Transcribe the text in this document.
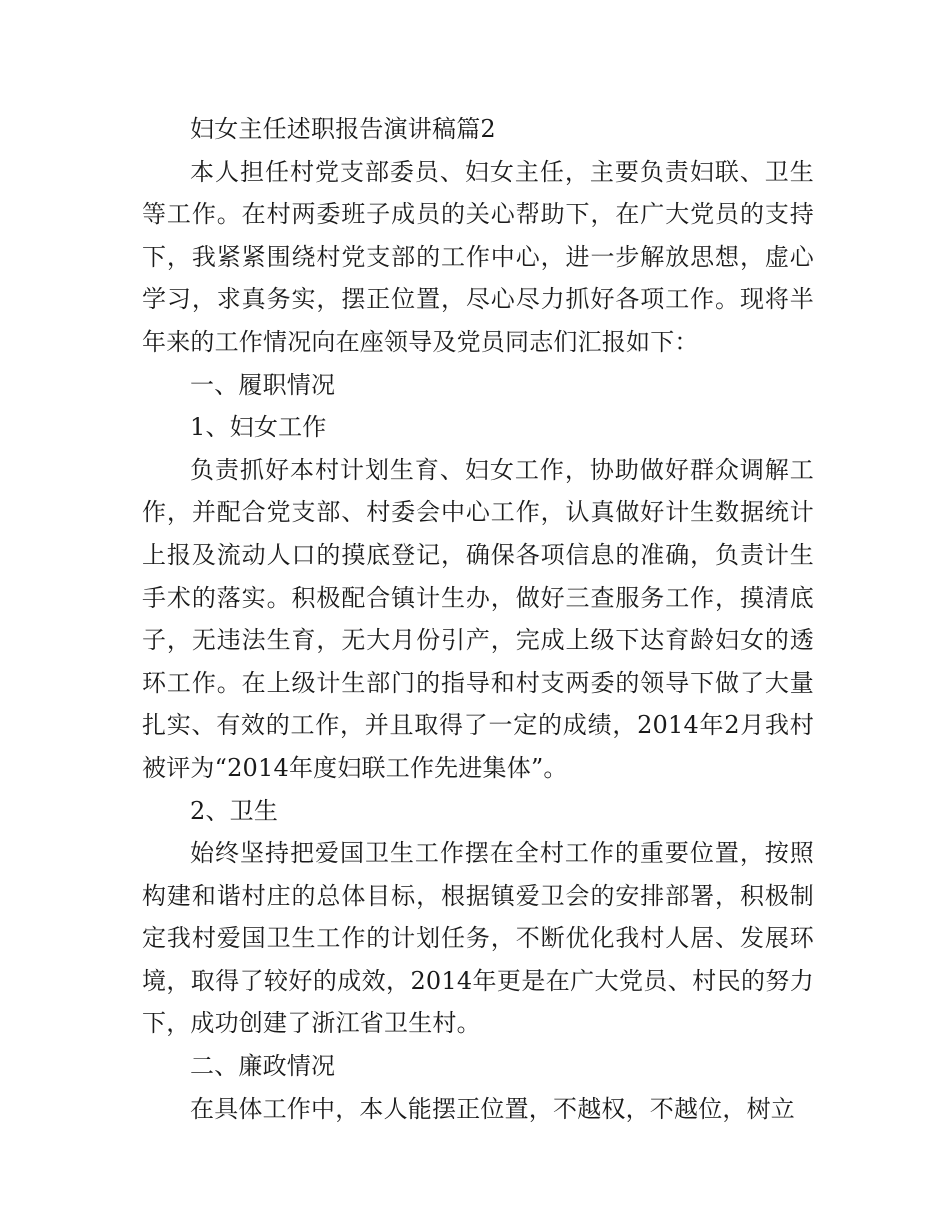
妇女主任述职报告演讲稿篇2

本人担任村党支部委员、妇女主任，主要负责妇联、卫生等工作。在村两委班子成员的关心帮助下，在广大党员的支持下，我紧紧围绕村党支部的工作中心，进一步解放思想，虚心学习，求真务实，摆正位置，尽心尽力抓好各项工作。现将半年来的工作情况向在座领导及党员同志们汇报如下：

一、履职情况

1、妇女工作

负责抓好本村计划生育、妇女工作，协助做好群众调解工作，并配合党支部、村委会中心工作，认真做好计生数据统计上报及流动人口的摸底登记，确保各项信息的准确，负责计生手术的落实。积极配合镇计生办，做好三查服务工作，摸清底子，无违法生育，无大月份引产，完成上级下达育龄妇女的透环工作。在上级计生部门的指导和村支两委的领导下做了大量扎实、有效的工作，并且取得了一定的成绩，2014年2月我村被评为“2014年度妇联工作先进集体”。

2、卫生

始终坚持把爱国卫生工作摆在全村工作的重要位置，按照构建和谐村庄的总体目标，根据镇爱卫会的安排部署，积极制定我村爱国卫生工作的计划任务，不断优化我村人居、发展环境，取得了较好的成效，2014年更是在广大党员、村民的努力下，成功创建了浙江省卫生村。

二、廉政情况

在具体工作中，本人能摆正位置，不越权，不越位，树立
